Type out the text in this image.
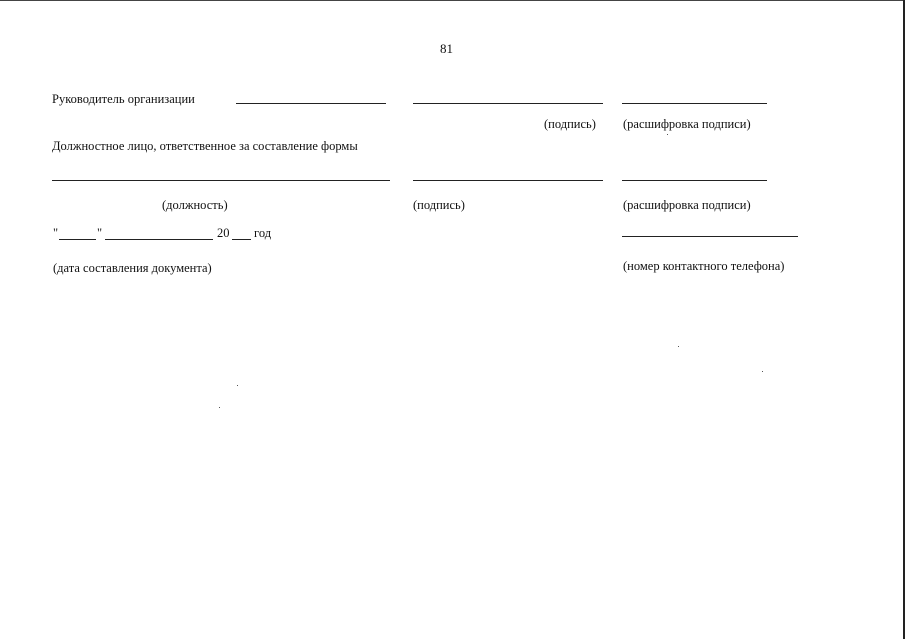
81
Руководитель организации
(подпись) (расшифровка подписи)
Должностное лицо, ответственное за составление формы
(должность)	(подпись)	(расшифровка подписи)
"	"	20 год
(дата составления документа)	(номер контактного телефона)
